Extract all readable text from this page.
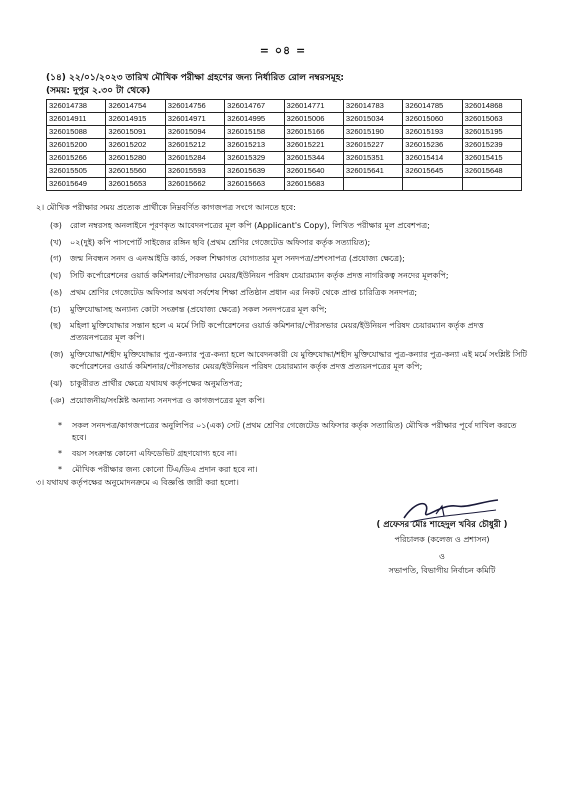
= ০৪ =
(১৪) ২২/০১/২০২৩ তারিখ মৌখিক পরীক্ষা গ্রহণের জন্য নির্ধারিত রোল নম্বরসমূহ:
(সময়: দুপুর ২.৩০ টা থেকে)
326014738	326014754	326014756	326014767	326014771	326014783	326014785	326014868
326014911	326014915	326014971	326014995	326015006	326015034	326015060	326015063
326015088	326015091	326015094	326015158	326015166	326015190	326015193	326015195
326015200	326015202	326015212	326015213	326015221	326015227	326015236	326015239
326015266	326015280	326015284	326015329	326015344	326015351	326015414	326015415
326015505	326015560	326015593	326015639	326015640	326015641	326015645	326015648
326015649	326015653	326015662	326015663	326015683			
২। মৌখিক পরীক্ষার সময় প্রত্যেক প্রার্থীকে নিম্নবর্ণিত কাগজপত্র সংগে আনতে হবে:
(ক)	রোল নম্বরসহ অনলাইনে পূরণকৃত আবেদনপত্রের মূল কপি (Applicant's Copy), লিখিত পরীক্ষার মূল প্রবেশপত্র;
(খ)	০২(দুই) কপি পাসপোর্ট সাইজের রঙ্গিন ছবি (প্রথম শ্রেণির গেজেটেড অফিসার কর্তৃক সত্যায়িত);
(গ)	জন্ম নিবন্ধন সনদ ও এনআইডি কার্ড, সকল শিক্ষাগত যোগ্যতার মূল সনদপত্র/প্রশংসাপত্র (প্রযোজ্য ক্ষেত্রে);
(ঘ)	সিটি কর্পোরেশনের ওয়ার্ড কমিশনার/পৌরসভার মেয়র/ইউনিয়ন পরিষদ চেয়ারম্যান কর্তৃক প্রদত্ত নাগরিকত্ব সনদের মূলকপি;
(ঙ) প্রথম শ্রেণির গেজেটেড অফিসার অথবা সর্বশেষ শিক্ষা প্রতিষ্ঠান প্রধান এর নিকট থেকে প্রাপ্ত চারিত্রিক সনদপত্র;
(চ)	মুক্তিযোদ্ধাসহ অন্যান্য কোটা সংক্রান্ত (প্রযোজ্য ক্ষেত্রে) সকল সনদপত্রের মূল কপি;
(ছ)	মহিলা মুক্তিযোদ্ধার সন্তান হলে এ মর্মে সিটি কর্পোরেশনের ওয়ার্ড কমিশনার/পৌরসভার মেয়র/ইউনিয়ন পরিষদ চেয়ারম্যান কর্তৃক প্রদত্ত প্রত্যয়নপত্রের মূল কপি।
(জ) মুক্তিযোদ্ধা/শহীদ মুক্তিযোদ্ধার পুত্র-কন্যার পুত্র-কন্যা হলে আবেদনকারী যে মুক্তিযোদ্ধা/শহীদ মুক্তিযোদ্ধার পুত্র-কন্যার পুত্র-কন্যা এই মর্মে সংশ্লিষ্ট সিটি কর্পোরেশনের ওয়ার্ড কমিশনার/পৌরসভার মেয়র/ইউনিয়ন পরিষদ চেয়ারম্যান কর্তৃক প্রদত্ত প্রত্যয়নপত্রের মূল কপি;
(ঝ) চাকুরীরত প্রার্থীর ক্ষেত্রে যথাযথ কর্তৃপক্ষের অনুমতিপত্র;
(ঞ) প্রয়োজনীয়/সংশ্লিষ্ট অন্যান্য সনদপত্র ও কাগজপত্রের মূল কপি।
*	সকল সনদপত্র/কাগজপত্রের অনুলিপির ০১(এক) সেট (প্রথম শ্রেণির গেজেটেড অফিসার কর্তৃক সত্যায়িত) মৌখিক পরীক্ষার পূর্বে দাখিল করতে হবে।
*	বয়স সংক্রান্ত কোনো এফিডেভিট গ্রহণযোগ্য হবে না।
*	মৌখিক পরীক্ষার জন্য কোনো টিএ/ডিএ প্রদান করা হবে না।
৩। যথাযথ কর্তৃপক্ষের অনুমোদনক্রমে এ বিজ্ঞপ্তি জারী করা হলো।
( প্রফেসর মোঃ শাহেদুল খবির চৌধুরী )
পরিচালক (কলেজ ও প্রশাসন)
ও
সভাপতি, বিভাগীয় নির্বাচন কমিটি
